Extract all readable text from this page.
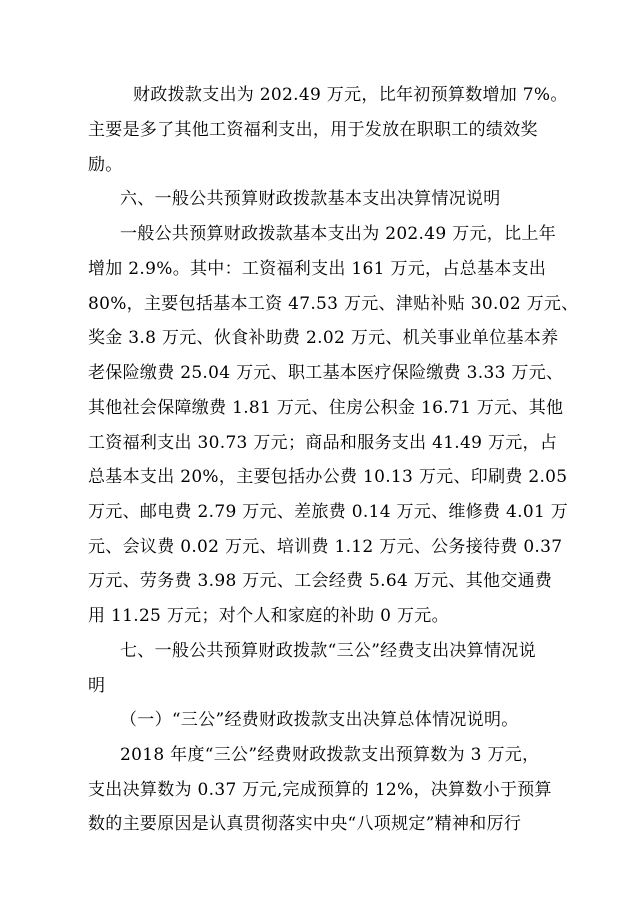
财政拨款支出为 202.49 万元，比年初预算数增加 7%。
主要是多了其他工资福利支出，用于发放在职职工的绩效奖
励。
六、一般公共预算财政拨款基本支出决算情况说明
一般公共预算财政拨款基本支出为 202.49 万元，比上年
增加 2.9%。其中：工资福利支出 161 万元，占总基本支出
80%，主要包括基本工资 47.53 万元、津贴补贴 30.02 万元、
奖金 3.8 万元、伙食补助费 2.02 万元、机关事业单位基本养
老保险缴费 25.04 万元、职工基本医疗保险缴费 3.33 万元、
其他社会保障缴费 1.81 万元、住房公积金 16.71 万元、其他
工资福利支出 30.73 万元；商品和服务支出 41.49 万元，占
总基本支出 20%，主要包括办公费 10.13 万元、印刷费 2.05
万元、邮电费 2.79 万元、差旅费 0.14 万元、维修费 4.01 万
元、会议费 0.02 万元、培训费 1.12 万元、公务接待费 0.37
万元、劳务费 3.98 万元、工会经费 5.64 万元、其他交通费
用 11.25 万元；对个人和家庭的补助 0 万元。
七、一般公共预算财政拨款“三公”经费支出决算情况说
明
（一）“三公”经费财政拨款支出决算总体情况说明。
2018 年度“三公”经费财政拨款支出预算数为 3 万元，
支出决算数为 0.37 万元,完成预算的 12%，决算数小于预算
数的主要原因是认真贯彻落实中央“八项规定”精神和厉行
